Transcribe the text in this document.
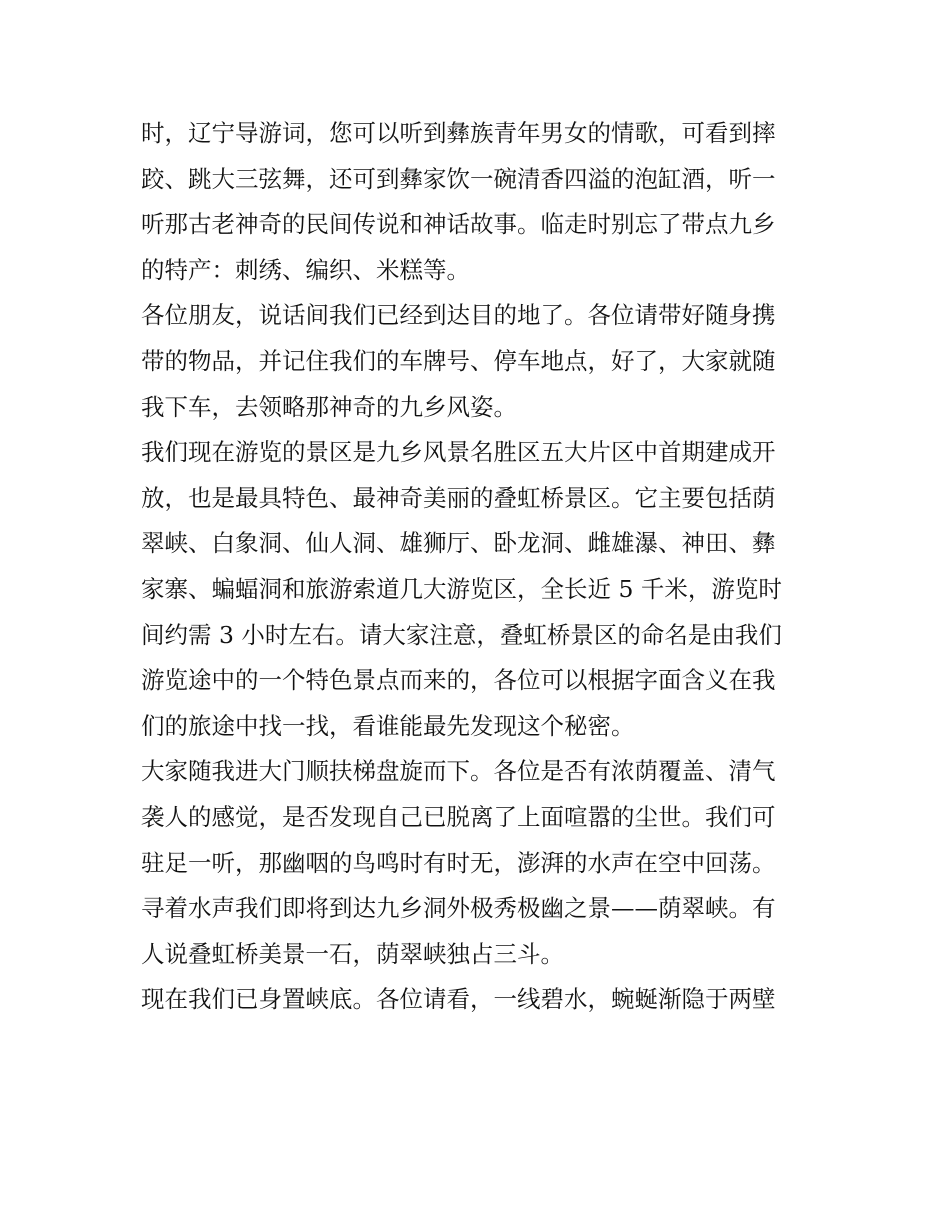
时，辽宁导游词，您可以听到彝族青年男女的情歌，可看到摔
跤、跳大三弦舞，还可到彝家饮一碗清香四溢的泡缸酒，听一
听那古老神奇的民间传说和神话故事。临走时别忘了带点九乡
的特产：刺绣、编织、米糕等。
各位朋友，说话间我们已经到达目的地了。各位请带好随身携
带的物品，并记住我们的车牌号、停车地点，好了，大家就随
我下车，去领略那神奇的九乡风姿。
我们现在游览的景区是九乡风景名胜区五大片区中首期建成开
放，也是最具特色、最神奇美丽的叠虹桥景区。它主要包括荫
翠峡、白象洞、仙人洞、雄狮厅、卧龙洞、雌雄瀑、神田、彝
家寨、蝙蝠洞和旅游索道几大游览区，全长近 5 千米，游览时
间约需 3 小时左右。请大家注意，叠虹桥景区的命名是由我们
游览途中的一个特色景点而来的，各位可以根据字面含义在我
们的旅途中找一找，看谁能最先发现这个秘密。
大家随我进大门顺扶梯盘旋而下。各位是否有浓荫覆盖、清气
袭人的感觉，是否发现自己已脱离了上面喧嚣的尘世。我们可
驻足一听，那幽咽的鸟鸣时有时无，澎湃的水声在空中回荡。
寻着水声我们即将到达九乡洞外极秀极幽之景——荫翠峡。有
人说叠虹桥美景一石，荫翠峡独占三斗。
现在我们已身置峡底。各位请看，一线碧水，蜿蜒渐隐于两壁
